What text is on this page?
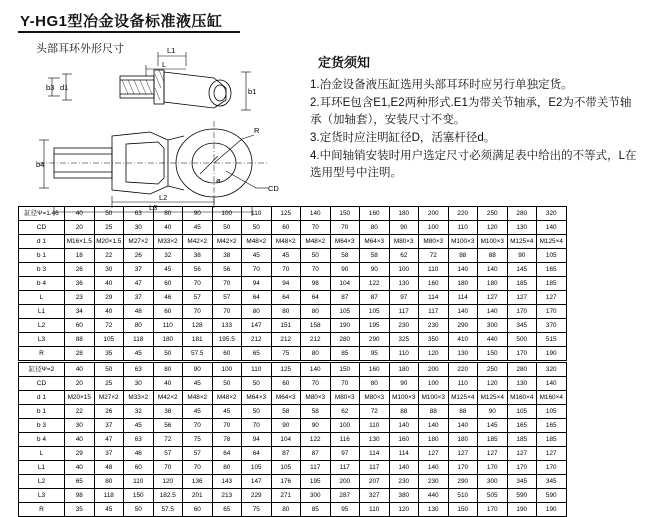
Y-HG1型冶金设备标准液压缸
头部耳环外形尺寸	L1
L
b3 d1	b1
R
b4
L2
L3
ø
CD
定货须知
1.冶金设备液压缸选用头部耳环时应另行单独定货。
2.耳环E包含E1,E2两种形式.E1为带关节轴承，E2为不带关节轴承（加轴套），安装尺寸不变。
3.定货时应注明缸径D，活塞杆径d。
4.中间轴销安装时用户选定尺寸必须满足表中给出的不等式，L在选用型号中注明。
缸径Ψ=1.46	40	50	63	80	90	100	110	125	140	150	160	180	200	220	250	280	320
CD	20	25	30	40	45	50	50	60	70	70	80	90	100	110	120	130	140
d 1	M16×1.5	M20×1.5	M27×2	M33×2	M42×2	M42×2	M48×2	M48×2	M48×2	M64×3	M64×3	M80×3	M80×3	M100×3	M100×3	M125×4	M125×4
b 1	18	22	26	32	38	38	45	45	50	58	58	62	72	88	88	90	105
b 3	26	30	37	45	56	56	70	70	70	90	90	100	110	140	140	145	165
b 4	36	40	47	60	70	70	94	94	98	104	122	130	160	180	180	185	185
L	23	29	37	46	57	57	64	64	64	87	87	97	114	114	127	127	127
L1	34	40	48	60	70	70	80	80	80	105	105	117	117	140	140	170	170
L2	60	72	80	110	128	133	147	151	158	190	195	230	230	290	300	345	370
L3	88	105	118	180	181	195.5	212	212	212	280	290	325	350	410	440	500	515
R	28	35	45	50	57.5	60	65	75	80	85	95	110	120	130	150	170	190
缸径Ψ=2	40	50	63	80	90	100	110	125	140	150	160	180	200	220	250	280	320
CD	20	25	30	40	45	50	50	60	70	70	80	90	100	110	120	130	140
d 1	M20×15	M27×2	M33×2	M42×2	M48×2	M48×2	M64×3	M64×3	M80×3	M80×3	M80×3	M100×3	M100×3	M125×4	M125×4	M160×4	M160×4
b 1	22	26	32	38	45	45	50	58	58	62	72	88	88	88	90	105	105
b 3	30	37	45	56	70	70	70	90	90	100	110	140	140	140	145	165	165
b 4	40	47	63	72	75	78	94	104	122	116	130	160	180	180	185	185	185
L	29	37	46	57	57	64	64	87	87	97	114	114	127	127	127	127	127
L1	40	48	60	70	70	80	105	105	117	117	117	140	140	170	170	170	170
L2	65	80	110	120	136	143	147	176	195	200	207	230	230	290	300	345	345
L3	98	118	150	182.5	201	213	229	271	300	287	327	380	440	510	505	590	590
R	35	45	50	57.5	60	65	75	80	85	95	110	120	130	150	170	190	190
